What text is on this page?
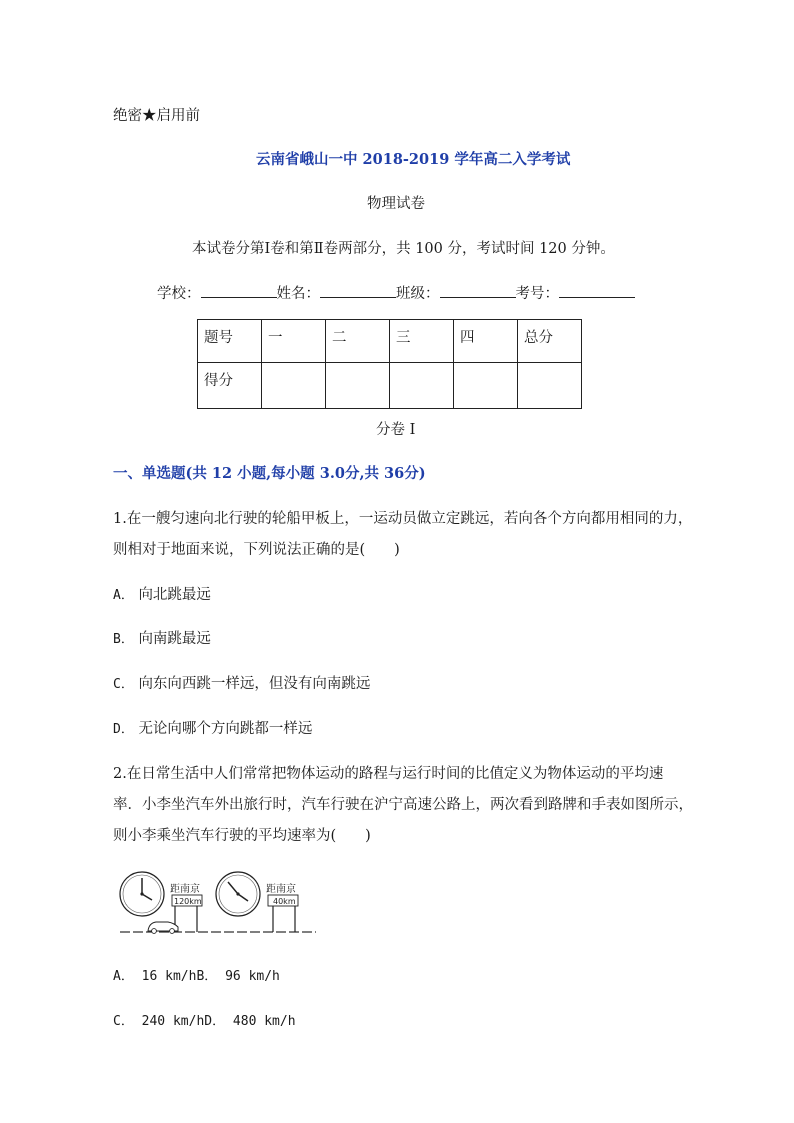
绝密★启用前
云南省峨山一中 2018-2019 学年高二入学考试
物理试卷
本试卷分第Ⅰ卷和第Ⅱ卷两部分，共 100 分，考试时间 120 分钟。
学校：	姓名：	班级：	考号：
题号	一	二	三	四	总分
得分					
分卷 I
一、单选题(共 12 小题,每小题 3.0分,共 36分)
1.在一艘匀速向北行驶的轮船甲板上，一运动员做立定跳远，若向各个方向都用相同的力，
则相对于地面来说，下列说法正确的是(　　)
A． 向北跳最远
B． 向南跳最远
C． 向东向西跳一样远，但没有向南跳远
D． 无论向哪个方向跳都一样远
2.在日常生活中人们常常把物体运动的路程与运行时间的比值定义为物体运动的平均速
率．小李坐汽车外出旅行时，汽车行驶在沪宁高速公路上，两次看到路牌和手表如图所示，
则小李乘坐汽车行驶的平均速率为(　　)
距南京
120km
距南京
40km
A． 16 km/hB． 96 km/h
C． 240 km/hD． 480 km/h
